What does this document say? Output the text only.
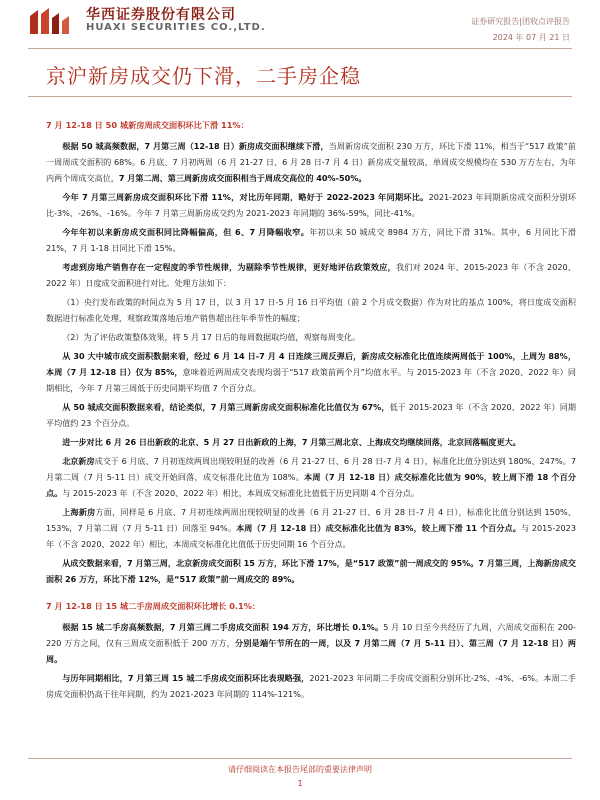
华西证券股份有限公司
HUAXI SECURITIES CO.,LTD.
证券研究报告|团收点评报告
2024 年 07 月 21 日
京沪新房成交仍下滑，二手房企稳
7 月 12-18 日 50 城新房周成交面积环比下滑 11%：

根据 50 城高频数据，7 月第三周（12-18 日）新房成交面积继续下滑，当周新房成交面积 230 万方，环比下滑 11%，相当于“517 政策”前一周周成交面积的 68%。6 月底、7 月初两周（6 月 21-27 日、6 月 28 日-7 月 4 日）新房成交量较高，单周成交规模均在 530 万方左右，为年内两个周成交高位，7 月第二周、第三周新房成交面积相当于周成交高位的 40%-50%。

今年 7 月第三周新房成交面积环比下滑 11%，对比历年同期，略好于 2022-2023 年同期环比。2021-2023 年同期新房成交面积分别环比-3%、-26%、-16%。今年 7 月第三周新房成交约为 2021-2023 年同期的 36%-59%，同比-41%。

今年年初以来新房成交面积同比降幅偏高，但 6、7 月降幅收窄。年初以来 50 城成交 8984 万方，同比下滑 31%。其中，6 月同比下滑 21%，7 月 1-18 日同比下滑 15%。

考虑到房地产销售存在一定程度的季节性规律，为剔除季节性规律，更好地评估政策效应，我们对 2024 年、2015-2023 年（不含 2020、2022 年）日度成交面积进行对比。处理方法如下：

（1）央行发布政策的时间点为 5 月 17 日，以 3 月 17 日-5 月 16 日平均值（前 2 个月成交数据）作为对比的基点 100%，将日度成交面积数据进行标准化处理，观察政策落地后地产销售超出往年季节性的幅度；

（2）为了评估政策整体效果，将 5 月 17 日后的每周数据取均值，观察每周变化。

从 30 大中城市成交面积数据来看，经过 6 月 14 日-7 月 4 日连续三周反弹后，新房成交标准化比值连续两周低于 100%，上周为 88%，本周（7 月 12-18 日）仅为 85%，意味着近两周成交表现均弱于“517 政策前两个月”均值水平。与 2015-2023 年（不含 2020、2022 年）同期相比，今年 7 月第三周低于历史同期平均值 7 个百分点。

从 50 城成交面积数据来看，结论类似，7 月第三周新房成交面积标准化比值仅为 67%，低于 2015-2023 年（不含 2020、2022 年）同期平均值约 23 个百分点。

进一步对比 6 月 26 日出新政的北京、5 月 27 日出新政的上海，7 月第三周北京、上海成交均继续回落，北京回落幅度更大。

北京新房成交于 6 月底、7 月初连续两周出现较明显的改善（6 月 21-27 日、6 月 28 日-7 月 4 日），标准化比值分别达到 180%、247%。7 月第二周（7 月 5-11 日）成交开始回落，成交标准化比值为 108%。本周（7 月 12-18 日）成交标准化比值为 90%，较上周下滑 18 个百分点。与 2015-2023 年（不含 2020、2022 年）相比，本周成交标准化比值低于历史同期 4 个百分点。

上海新房方面，同样是 6 月底、7 月初连续两周出现较明显的改善（6 月 21-27 日、6 月 28 日-7 月 4 日），标准化比值分别达到 150%、153%，7 月第二周（7 月 5-11 日）回落至 94%。本周（7 月 12-18 日）成交标准化比值为 83%，较上周下滑 11 个百分点。与 2015-2023 年（不含 2020、2022 年）相比，本周成交标准化比值低于历史同期 16 个百分点。

从成交数据来看，7 月第三周，北京新房成交面积 15 万方，环比下滑 17%，是“517 政策”前一周成交的 95%。7 月第三周，上海新房成交面积 26 万方，环比下滑 12%，是“517 政策”前一周成交的 89%。

7 月 12-18 日 15 城二手房周成交面积环比增长 0.1%：

根据 15 城二手房高频数据，7 月第三周二手房成交面积 194 万方，环比增长 0.1%。5 月 10 日至今共经历了九周，六周成交面积在 200-220 万方之间，仅有三周成交面积低于 200 万方，分别是端午节所在的一周，以及 7 月第二周（7 月 5-11 日）、第三周（7 月 12-18 日）两周。

与历年同期相比，7 月第三周 15 城二手房成交面积环比表现略强，2021-2023 年同期二手房成交面积分别环比-2%、-4%、-6%。本周二手房成交面积仍高于往年同期，约为 2021-2023 年同期的 114%-121%。

请仔细阅读在本报告尾部的重要法律声明
1
